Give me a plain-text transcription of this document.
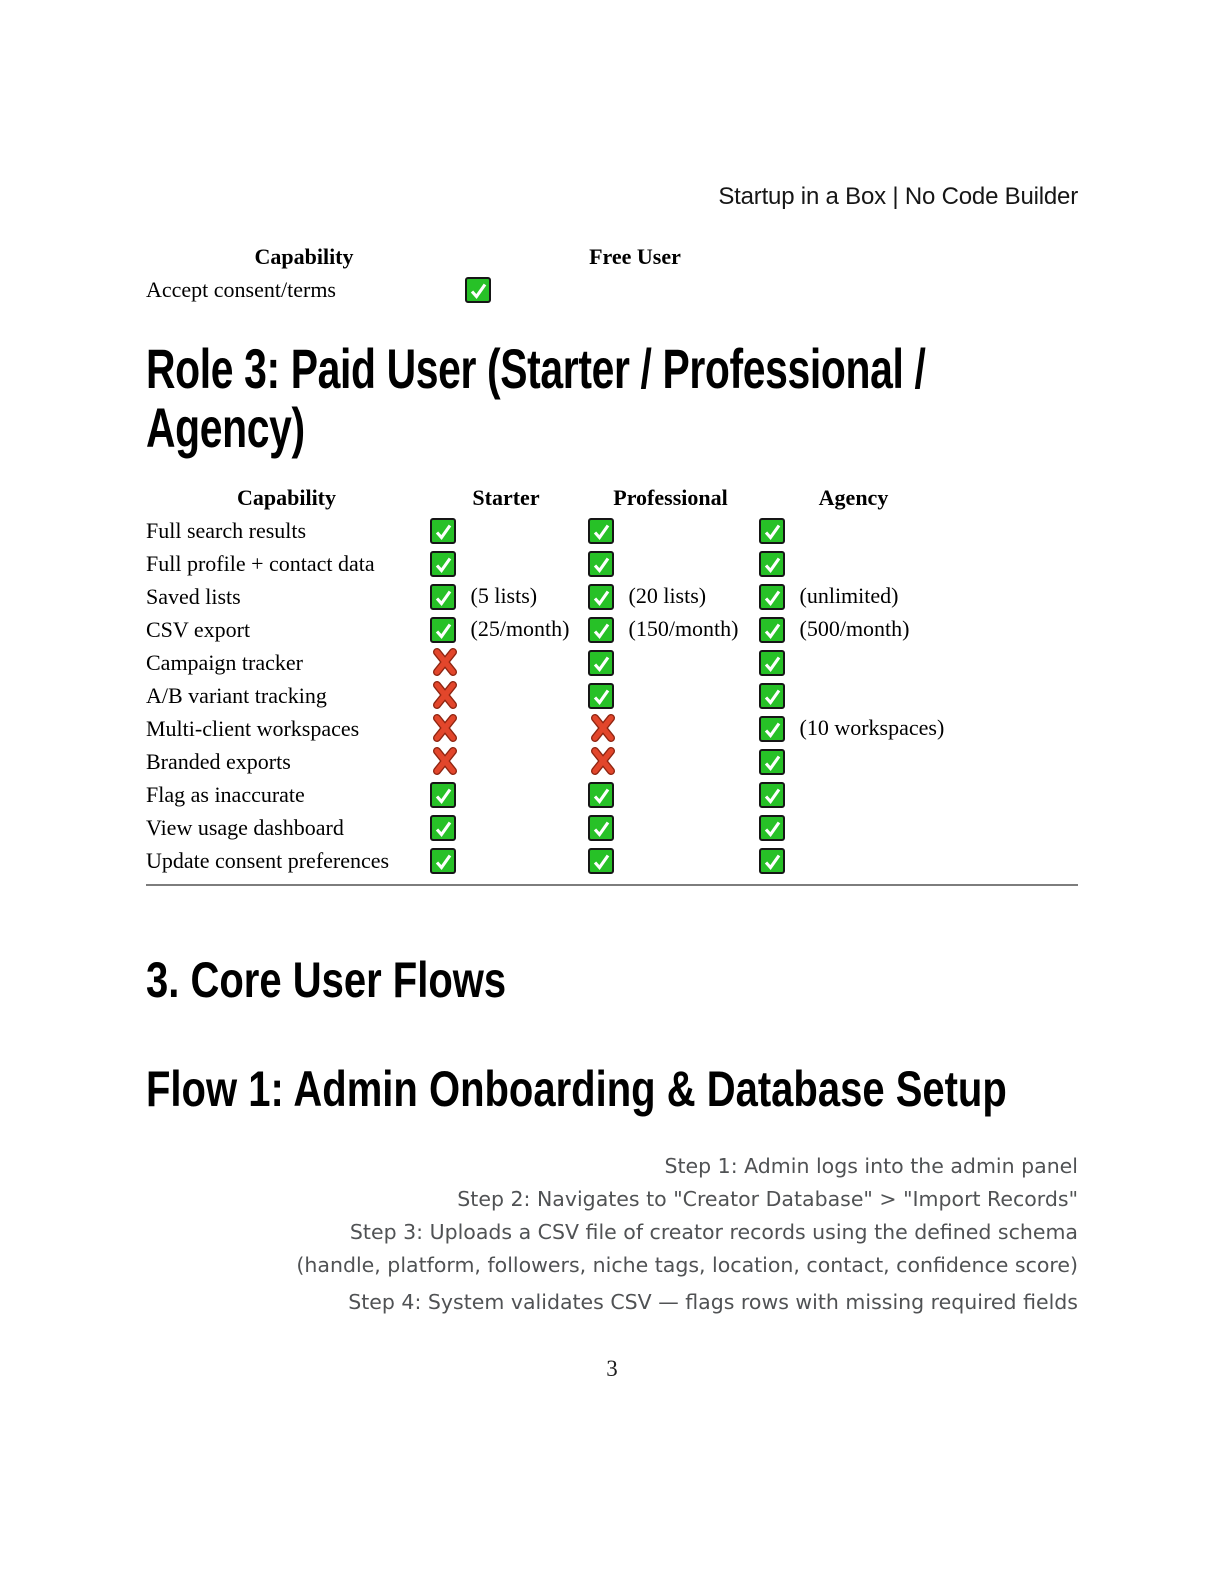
Startup in a Box | No Code Builder
Capability	Free User
Accept consent/terms	
Role 3: Paid User (Starter / Professional / Agency)
Capability	Starter	Professional	Agency
Full search results	

Full profile + contact data	

Saved lists	(5 lists)	(20 lists)	(unlimited)
CSV export	(25/month)	(150/month)	(500/month)
Campaign tracker	

A/B variant tracking	

Multi-client workspaces			(10 workspaces)
Branded exports	

Flag as inaccurate	

View usage dashboard	

Update consent preferences	

3. Core User Flows
Flow 1: Admin Onboarding & Database Setup
Step 1: Admin logs into the admin panel
Step 2: Navigates to "Creator Database" > "Import Records"
Step 3: Uploads a CSV file of creator records using the defined schema
(handle, platform, followers, niche tags, location, contact, confidence score)
Step 4: System validates CSV — flags rows with missing required fields
3
